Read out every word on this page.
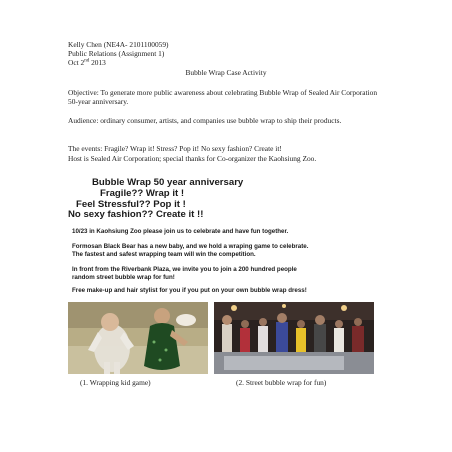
Kelly Chen (NE4A- 2101100059)
Public Relations (Assignment 1)
Oct 2nd 2013
Bubble Wrap Case Activity
Objective: To generate more public awareness about celebrating Bubble Wrap of Sealed Air Corporation 50-year anniversary.
Audience: ordinary consumer, artists, and companies use bubble wrap to ship their products.
The events: Fragile? Wrap it! Stress? Pop it! No sexy fashion? Create it!
Host is Sealed Air Corporation; special thanks for Co-organizer the Kaohsiung Zoo.
Bubble Wrap 50 year anniversary
Fragile?? Wrap it !
Feel Stressful?? Pop it !
No sexy fashion?? Create it !!
10/23 in Kaohsiung Zoo please join us to celebrate and have fun together.
Formosan Black Bear has a new baby, and we hold a wraping game to celebrate.
The fastest and safest wrapping team will win the competition.
In front from the Riverbank Plaza, we invite you to join a 200 hundred people
random street bubble wrap for fun!
Free make-up and hair stylist for you if you put on your own bubble wrap dress!
(1. Wrapping kid game)	(2. Street bubble wrap for fun)
